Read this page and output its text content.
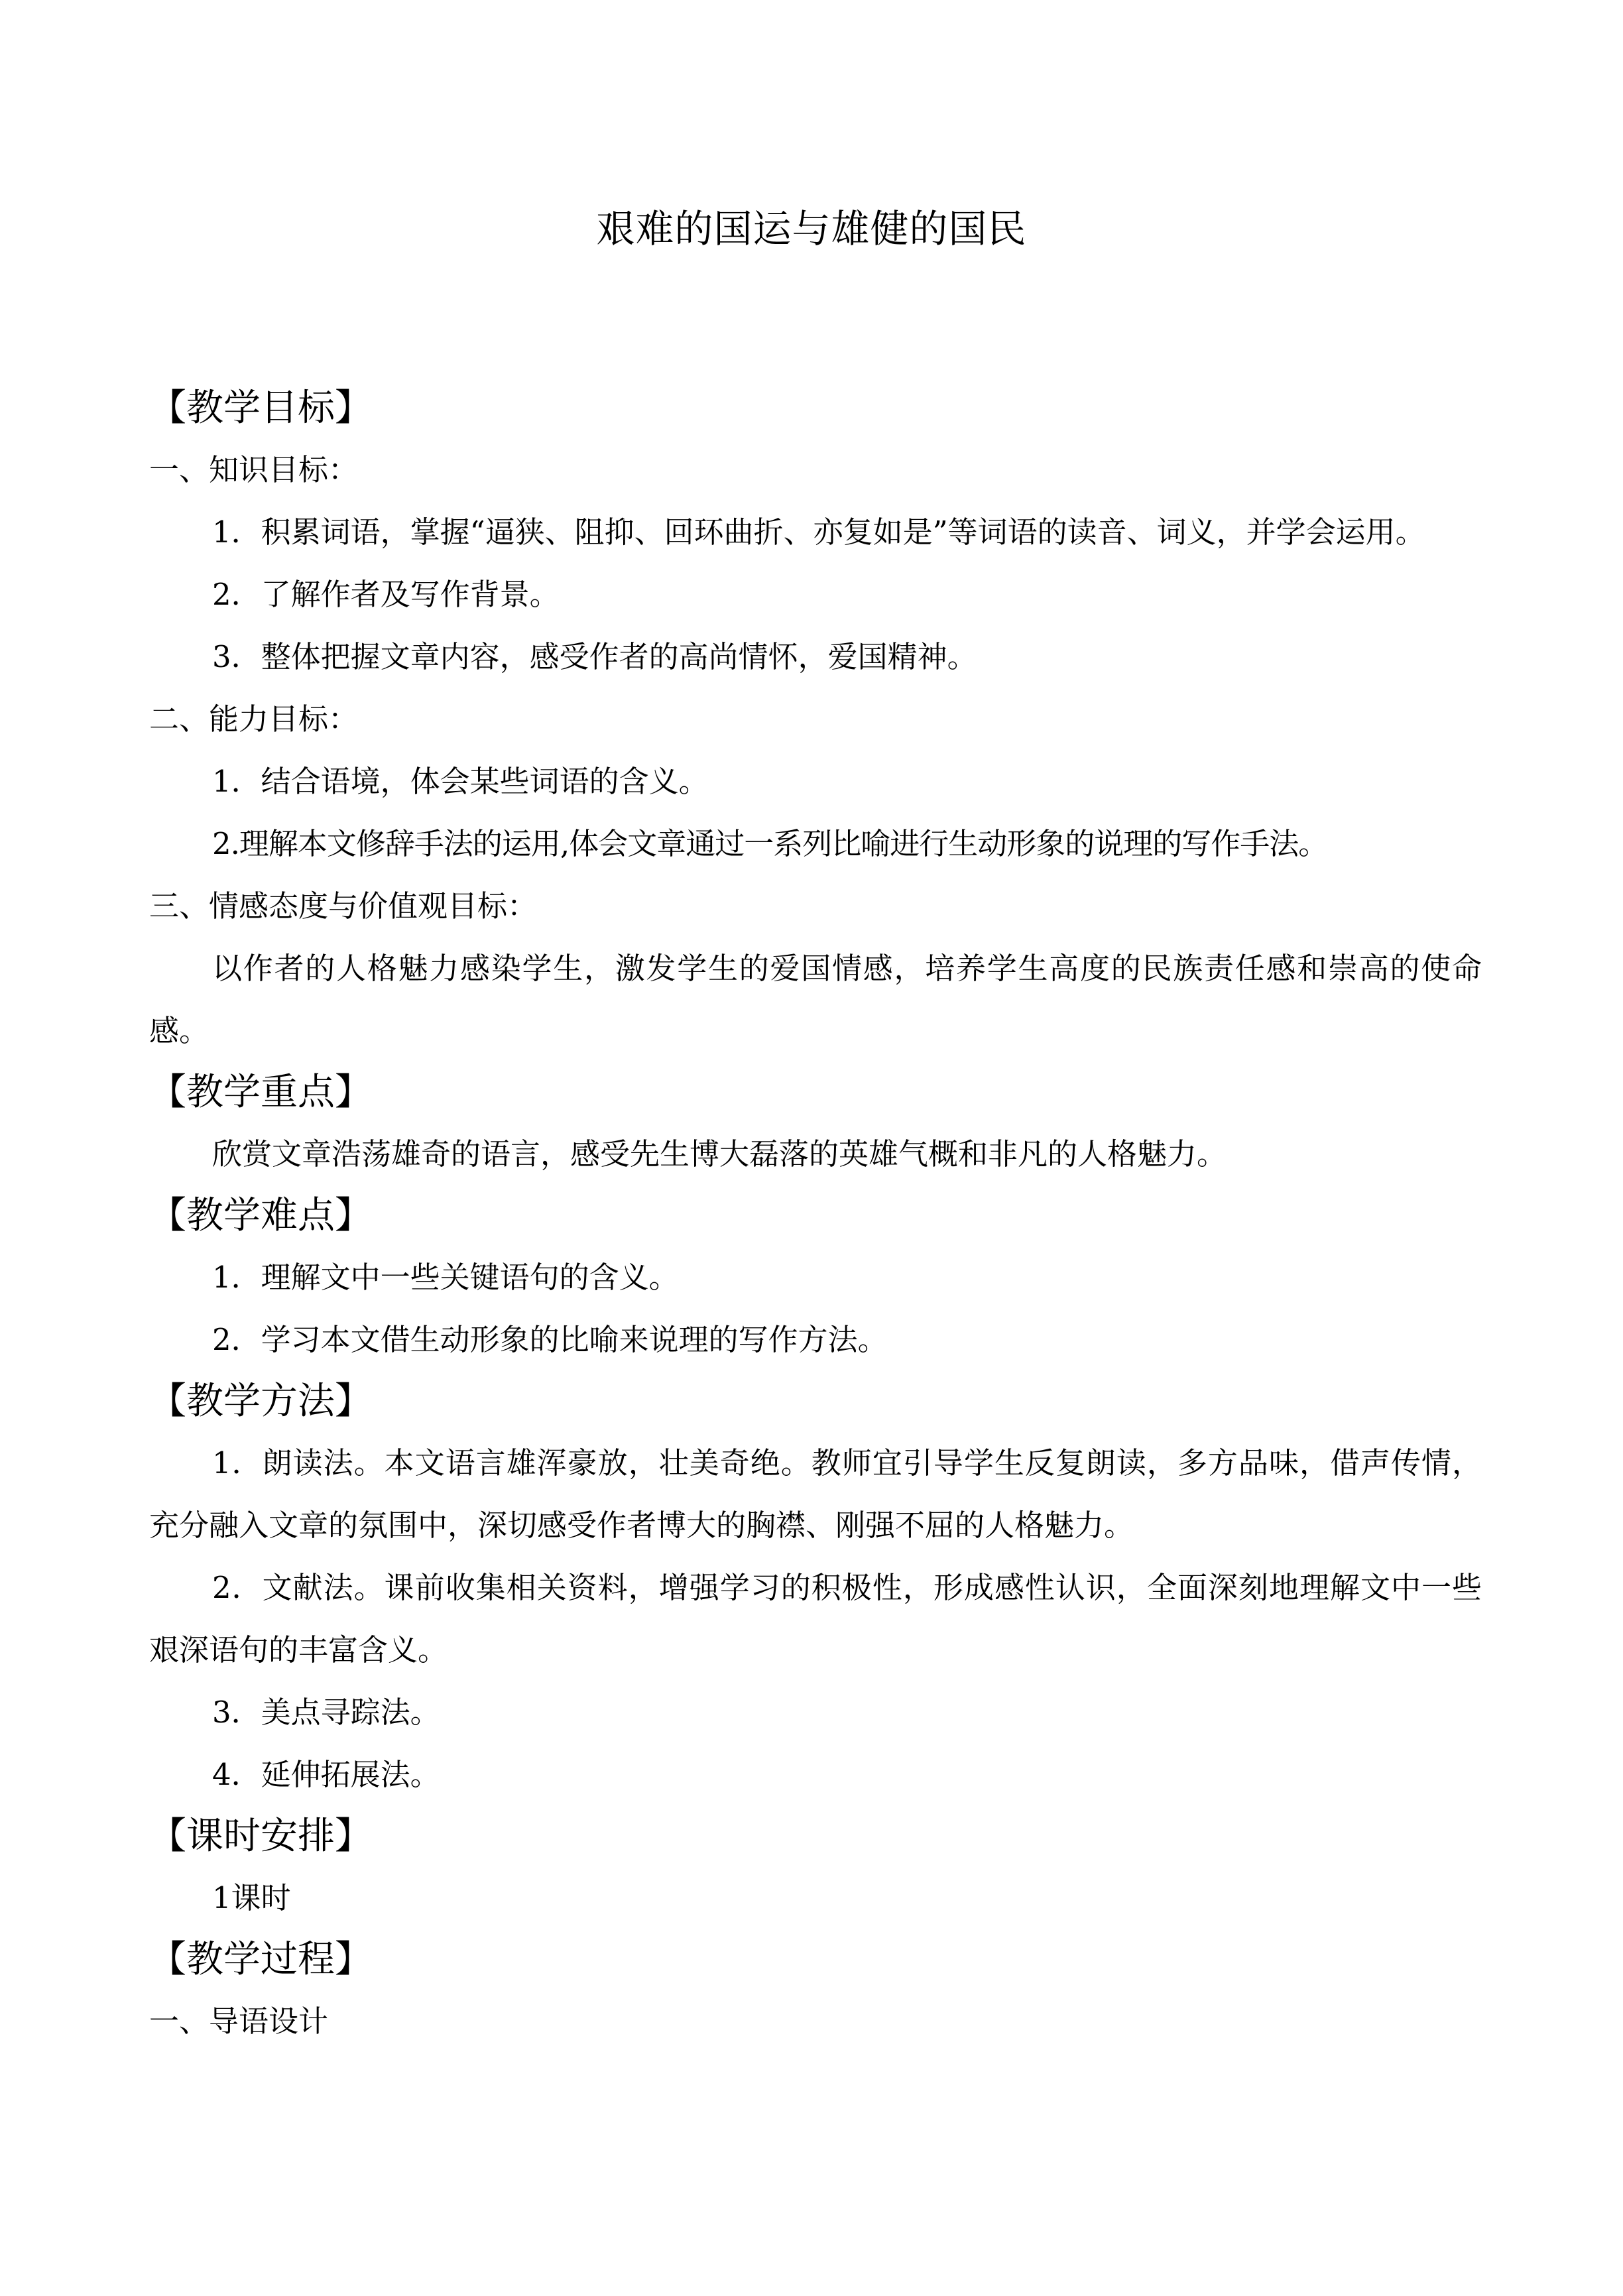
艰难的国运与雄健的国民
【教学目标】
一、知识目标：

1．积累词语，掌握“逼狭、阻抑、回环曲折、亦复如是”等词语的读音、词义，并学会运用。

2．了解作者及写作背景。
3．整体把握文章内容，感受作者的高尚情怀，爱国精神。
二、能力目标：
1．结合语境，体会某些词语的含义。
2.理解本文修辞手法的运用,体会文章通过一系列比喻进行生动形象的说理的写作手法。
三、情感态度与价值观目标：

以作者的人格魅力感染学生，激发学生的爱国情感，培养学生高度的民族责任感和崇高的使命感。

【教学重点】
欣赏文章浩荡雄奇的语言，感受先生博大磊落的英雄气概和非凡的人格魅力。
【教学难点】
1．理解文中一些关键语句的含义。
2．学习本文借生动形象的比喻来说理的写作方法。
【教学方法】

1．朗读法。本文语言雄浑豪放，壮美奇绝。教师宜引导学生反复朗读，多方品味，借声传情，充分融入文章的氛围中，深切感受作者博大的胸襟、刚强不屈的人格魅力。

2．文献法。课前收集相关资料，增强学习的积极性，形成感性认识，全面深刻地理解文中一些艰深语句的丰富含义。

3．美点寻踪法。
4．延伸拓展法。
【课时安排】
1课时
【教学过程】
一、导语设计
